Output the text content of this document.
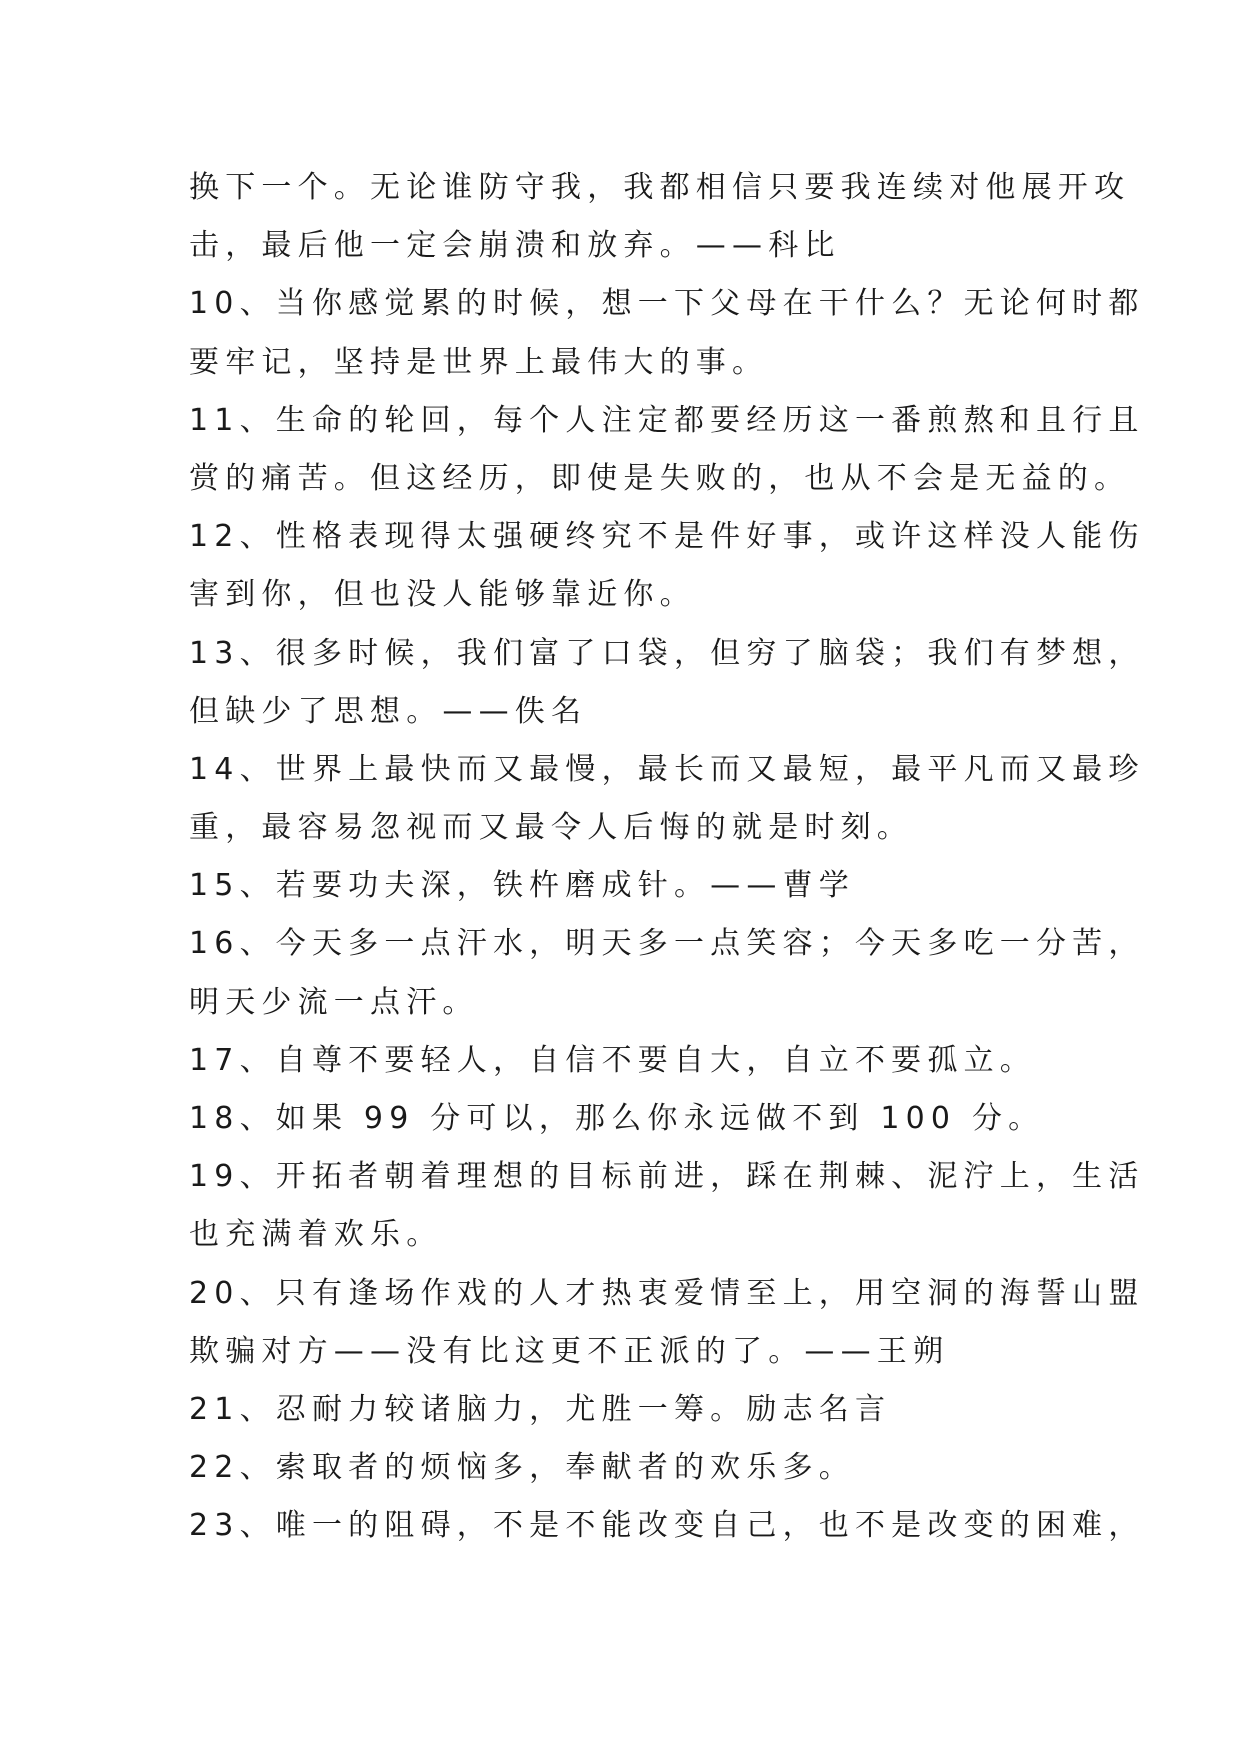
换下一个。无论谁防守我，我都相信只要我连续对他展开攻
击，最后他一定会崩溃和放弃。——科比
10、当你感觉累的时候，想一下父母在干什么？无论何时都
要牢记，坚持是世界上最伟大的事。
11、生命的轮回，每个人注定都要经历这一番煎熬和且行且
赏的痛苦。但这经历，即使是失败的，也从不会是无益的。
12、性格表现得太强硬终究不是件好事，或许这样没人能伤
害到你，但也没人能够靠近你。
13、很多时候，我们富了口袋，但穷了脑袋；我们有梦想，
但缺少了思想。——佚名
14、世界上最快而又最慢，最长而又最短，最平凡而又最珍
重，最容易忽视而又最令人后悔的就是时刻。
15、若要功夫深，铁杵磨成针。——曹学
16、今天多一点汗水，明天多一点笑容；今天多吃一分苦，
明天少流一点汗。
17、自尊不要轻人，自信不要自大，自立不要孤立。
18、如果 99 分可以，那么你永远做不到 100 分。
19、开拓者朝着理想的目标前进，踩在荆棘、泥泞上，生活
也充满着欢乐。
20、只有逢场作戏的人才热衷爱情至上，用空洞的海誓山盟
欺骗对方——没有比这更不正派的了。——王朔
21、忍耐力较诸脑力，尤胜一筹。励志名言
22、索取者的烦恼多，奉献者的欢乐多。
23、唯一的阻碍，不是不能改变自己，也不是改变的困难，
